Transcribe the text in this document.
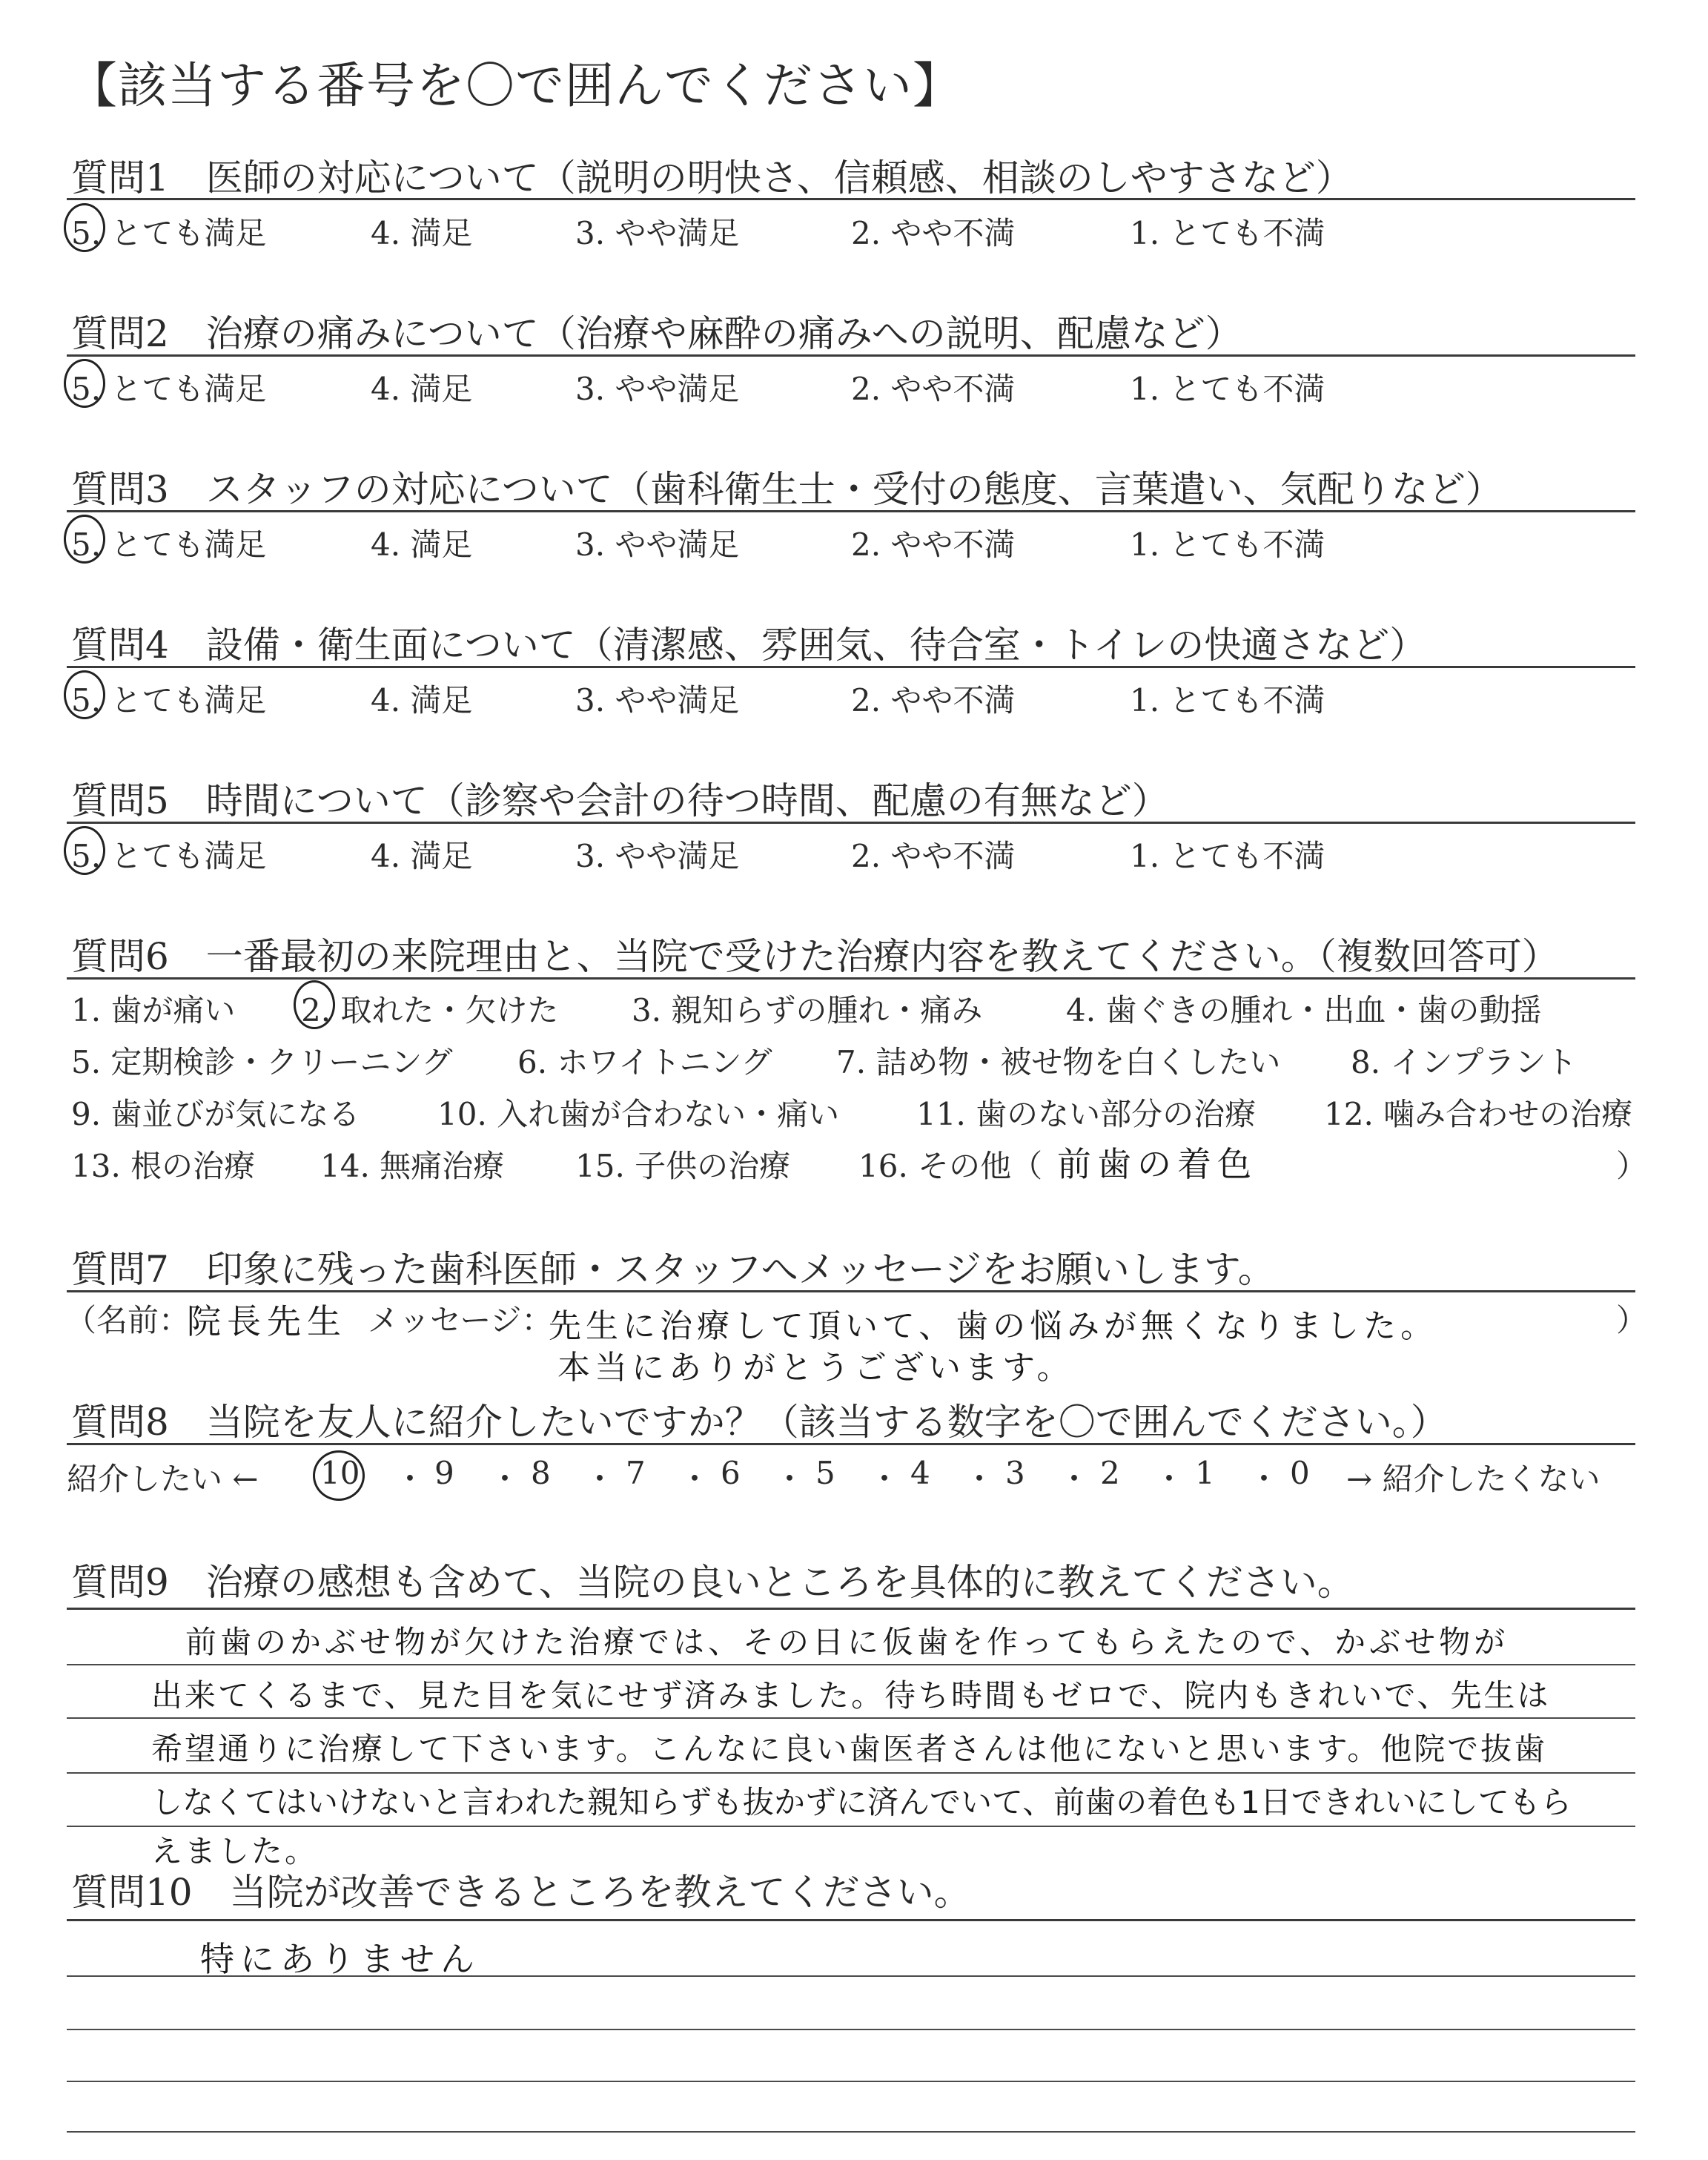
【該当する番号を〇で囲んでください】
質問1　医師の対応について（説明の明快さ、信頼感、相談のしやすさなど）
5. とても満足	4. 満足	3. やや満足	2. やや不満	1. とても不満
質問2　治療の痛みについて（治療や麻酔の痛みへの説明、配慮など）
5. とても満足	4. 満足	3. やや満足	2. やや不満	1. とても不満
質問3　スタッフの対応について（歯科衛生士・受付の態度、言葉遣い、気配りなど）
5. とても満足	4. 満足	3. やや満足	2. やや不満	1. とても不満
質問4　設備・衛生面について（清潔感、雰囲気、待合室・トイレの快適さなど）
5. とても満足	4. 満足	3. やや満足	2. やや不満	1. とても不満
質問5　時間について（診察や会計の待つ時間、配慮の有無など）
5. とても満足	4. 満足	3. やや満足	2. やや不満	1. とても不満
質問6　一番最初の来院理由と、当院で受けた治療内容を教えてください。（複数回答可）
1. 歯が痛い 2. 取れた・欠けた 3. 親知らずの腫れ・痛み	4. 歯ぐきの腫れ・出血・歯の動揺
5. 定期検診・クリーニング 6. ホワイトニング 7. 詰め物・被せ物を白くしたい 8. インプラント
9. 歯並びが気になる 10. 入れ歯が合わない・痛い 11. 歯のない部分の治療 12. 噛み合わせの治療
13. 根の治療 14. 無痛治療 15. 子供の治療 16. その他（ 前歯の着色	）
質問7　印象に残った歯科医師・スタッフへメッセージをお願いします。
（名前：
院長先生 メッセージ：
先生に治療して頂いて、歯の悩みが無くなりました。
本当にありがとうございます。
）
質問8　当院を友人に紹介したいですか？（該当する数字を〇で囲んでください。）
紹介したい ← 10 ・ 9 ・ 8 ・ 7 ・ 6 ・ 5 ・ 4 ・ 3 ・ 2 ・ 1 ・ 0 → 紹介したくない
質問9　治療の感想も含めて、当院の良いところを具体的に教えてください。
前歯のかぶせ物が欠けた治療では、その日に仮歯を作ってもらえたので、かぶせ物が
出来てくるまで、見た目を気にせず済みました。待ち時間もゼロで、院内もきれいで、先生は
希望通りに治療して下さいます。こんなに良い歯医者さんは他にないと思います。他院で抜歯
しなくてはいけないと言われた親知らずも抜かずに済んでいて、前歯の着色も1日できれいにしてもら
えました。
質問10　当院が改善できるところを教えてください。
特にありません
